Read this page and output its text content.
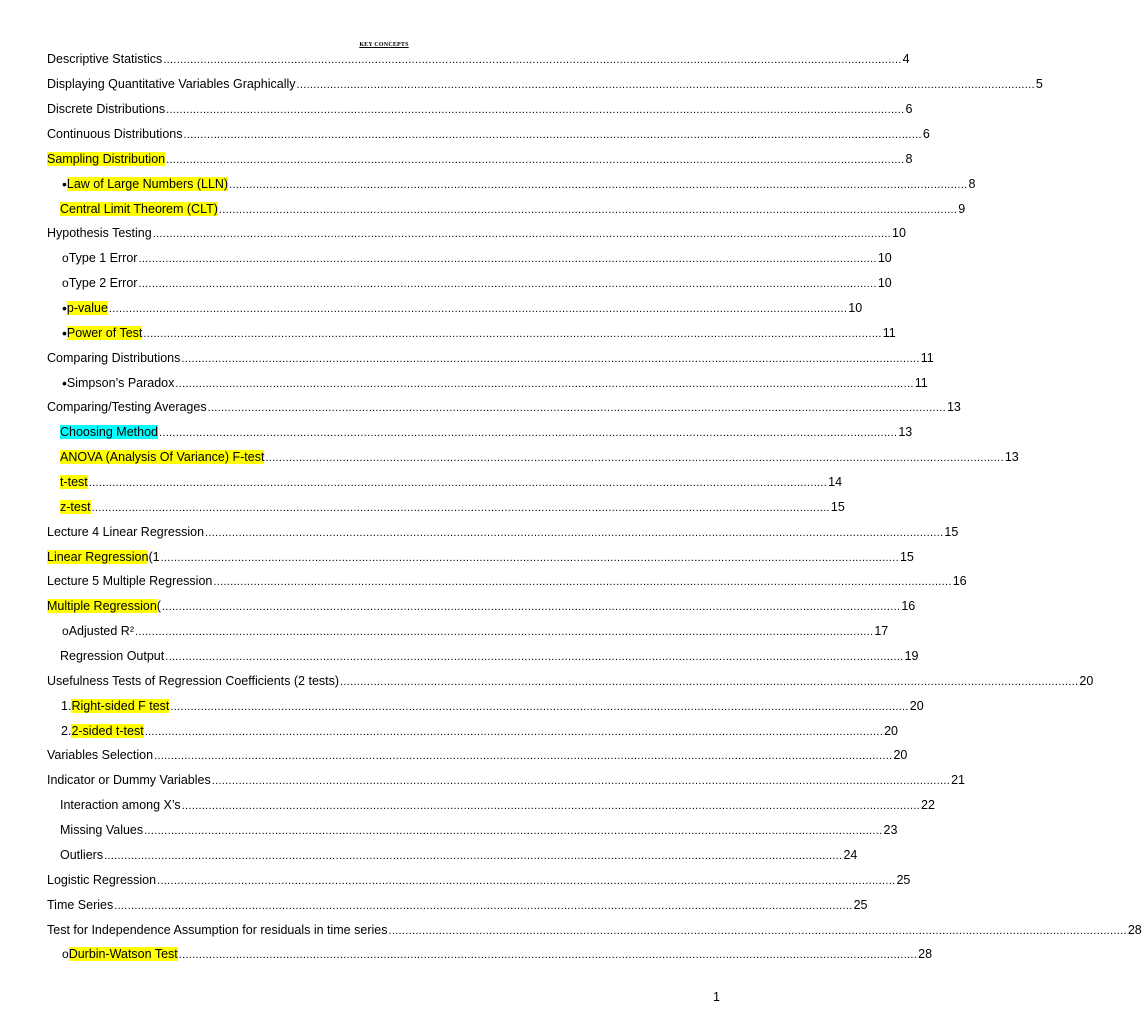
KEY CONCEPTS
Descriptive Statistics ............................................................................................................................................................................................................................ 4
Displaying Quantitative Variables Graphically ............................................................................................................................................................................................................................ 5
Discrete Distributions ............................................................................................................................................................................................................................ 6
Continuous Distributions ............................................................................................................................................................................................................................ 6
Sampling Distribution ............................................................................................................................................................................................................................ 8
• Law of Large Numbers (LLN) ............................................................................................................................................................................................................................ 8
Central Limit Theorem (CLT) ............................................................................................................................................................................................................................ 9
Hypothesis Testing ............................................................................................................................................................................................................................ 10
o Type 1 Error ............................................................................................................................................................................................................................ 10
o Type 2 Error ............................................................................................................................................................................................................................ 10
• p-value ............................................................................................................................................................................................................................ 10
• Power of Test ............................................................................................................................................................................................................................ 11
Comparing Distributions ............................................................................................................................................................................................................................ 11
• Simpson’s Paradox ............................................................................................................................................................................................................................ 11
Comparing/Testing Averages ............................................................................................................................................................................................................................ 13
Choosing Method ............................................................................................................................................................................................................................ 13
ANOVA (Analysis Of Variance) F-test ............................................................................................................................................................................................................................ 13
t-test ............................................................................................................................................................................................................................ 14
z-test ............................................................................................................................................................................................................................ 15
Lecture 4 Linear Regression ............................................................................................................................................................................................................................ 15
Linear Regression (1 ............................................................................................................................................................................................................................ 15
Lecture 5 Multiple Regression ............................................................................................................................................................................................................................ 16
Multiple Regression ( ............................................................................................................................................................................................................................ 16
o Adjusted R² ............................................................................................................................................................................................................................ 17
Regression Output ............................................................................................................................................................................................................................ 19
Usefulness Tests of Regression Coefficients (2 tests) ............................................................................................................................................................................................................................ 20
1. Right-sided F test ............................................................................................................................................................................................................................ 20
2. 2-sided t-test ............................................................................................................................................................................................................................ 20
Variables Selection ............................................................................................................................................................................................................................ 20
Indicator or Dummy Variables ............................................................................................................................................................................................................................ 21
Interaction among X’s ............................................................................................................................................................................................................................ 22
Missing Values ............................................................................................................................................................................................................................ 23
Outliers ............................................................................................................................................................................................................................ 24
Logistic Regression ............................................................................................................................................................................................................................ 25
Time Series ............................................................................................................................................................................................................................ 25
Test for Independence Assumption for residuals in time series ............................................................................................................................................................................................................................ 28
o Durbin-Watson Test ............................................................................................................................................................................................................................ 28
1
